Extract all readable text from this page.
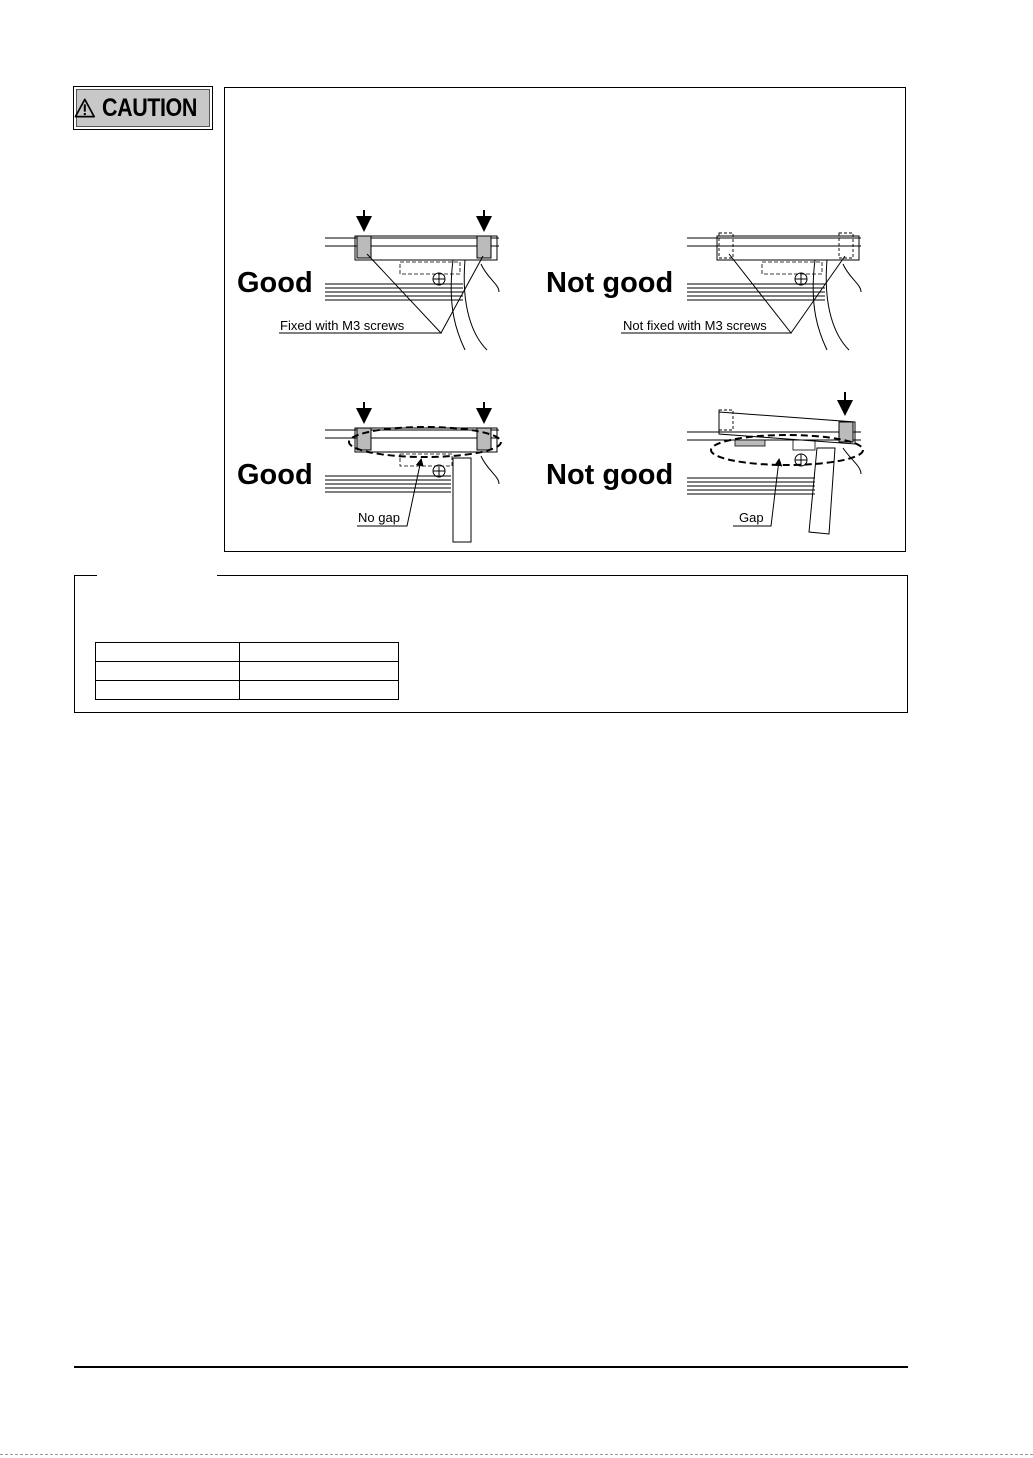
CAUTION
Good
Fixed with M3 screws
Not good
Not fixed with M3 screws
Good
No gap
Not good
Gap
